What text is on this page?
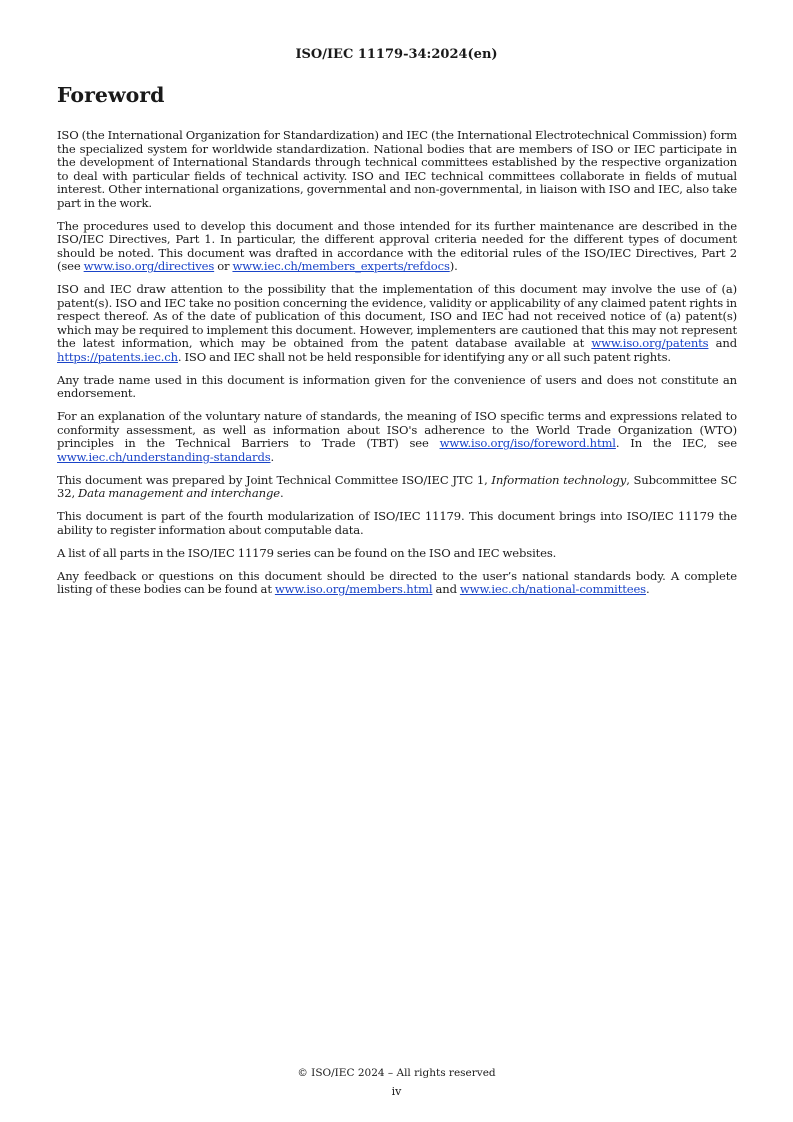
ISO/IEC 11179-34:2024(en)
Foreword

ISO (the International Organization for Standardization) and IEC (the International Electrotechnical Commission) form the specialized system for worldwide standardization. National bodies that are members of ISO or IEC participate in the development of International Standards through technical committees established by the respective organization to deal with particular fields of technical activity. ISO and IEC technical committees collaborate in fields of mutual interest. Other international organizations, governmental and non-governmental, in liaison with ISO and IEC, also take part in the work.

The procedures used to develop this document and those intended for its further maintenance are described in the ISO/IEC Directives, Part 1. In particular, the different approval criteria needed for the different types of document should be noted. This document was drafted in accordance with the editorial rules of the ISO/IEC Directives, Part 2 (see www.iso.org/directives or www.iec.ch/members_experts/refdocs).

ISO and IEC draw attention to the possibility that the implementation of this document may involve the use of (a) patent(s). ISO and IEC take no position concerning the evidence, validity or applicability of any claimed patent rights in respect thereof. As of the date of publication of this document, ISO and IEC had not received notice of (a) patent(s) which may be required to implement this document. However, implementers are cautioned that this may not represent the latest information, which may be obtained from the patent database available at www.iso.org/patents and https://patents.iec.ch. ISO and IEC shall not be held responsible for identifying any or all such patent rights.

Any trade name used in this document is information given for the convenience of users and does not constitute an endorsement.

For an explanation of the voluntary nature of standards, the meaning of ISO specific terms and expressions related to conformity assessment, as well as information about ISO's adherence to the World Trade Organization (WTO) principles in the Technical Barriers to Trade (TBT) see www.iso.org/iso/foreword.html. In the IEC, see www.iec.ch/understanding-standards.

This document was prepared by Joint Technical Committee ISO/IEC JTC 1, Information technology, Subcommittee SC 32, Data management and interchange.

This document is part of the fourth modularization of ISO/IEC 11179. This document brings into ISO/IEC 11179 the ability to register information about computable data.

A list of all parts in the ISO/IEC 11179 series can be found on the ISO and IEC websites.

Any feedback or questions on this document should be directed to the user’s national standards body. A complete listing of these bodies can be found at www.iso.org/members.html and www.iec.ch/national-committees.

© ISO/IEC 2024 – All rights reserved
iv
